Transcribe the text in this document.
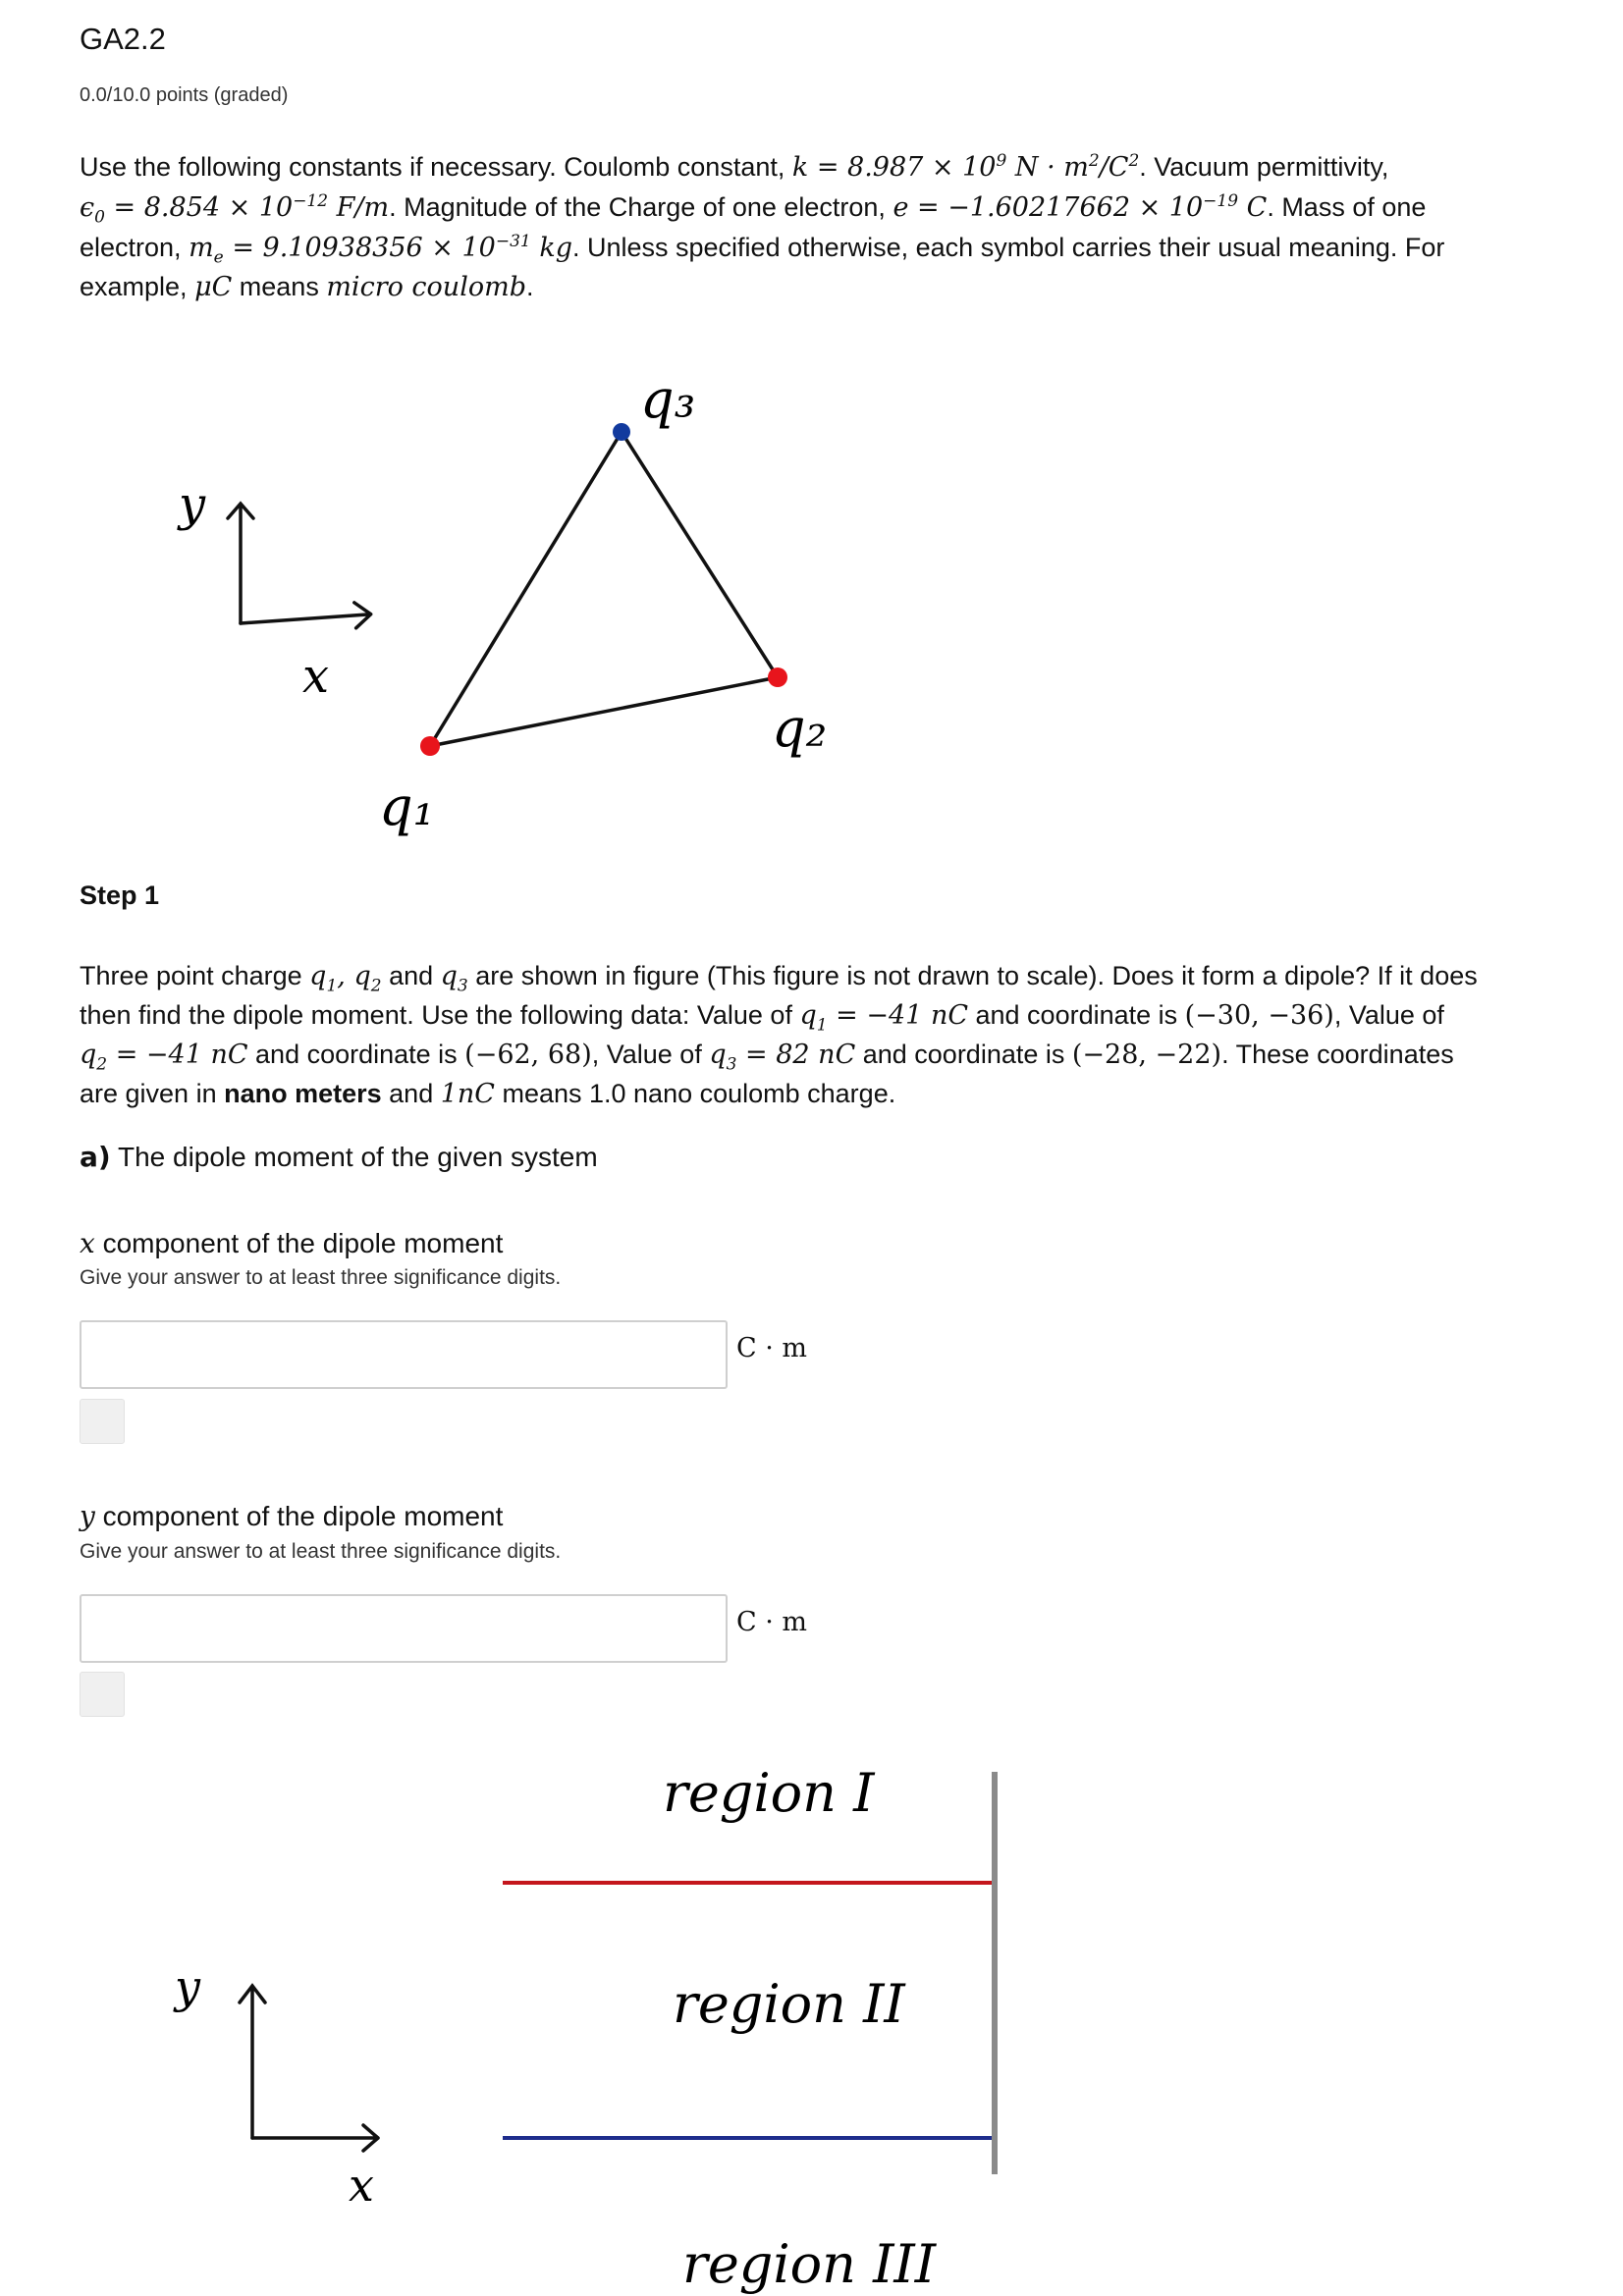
GA2.2
0.0/10.0 points (graded)
Use the following constants if necessary. Coulomb constant, $k = 8.987 \times 10^9$ $N \cdot m^2/C^2$. Vacuum permittivity,
$\epsilon_0 = 8.854 \times 10^{-12}$ F/m. Magnitude of the Charge of one electron, $e = -1.60217662 \times 10^{-19}$ C. Mass of one
electron, $m_e = 9.10938356 \times 10^{-31}$ kg. Unless specified otherwise, each symbol carries their usual meaning. For
example, μC means micro coulomb.
y
x
q₃
q₂
q₁
Step 1
Three point charge $q_1$, $q_2$ and $q_3$ are shown in figure (This figure is not drawn to scale). Does it form a dipole? If it does
then find the dipole moment. Use the following data: Value of $q_1 = -41$ nC and coordinate is (−30, −36), Value of
$q_2 = -41$ nC and coordinate is (−62, 68), Value of $q_3 = 82$ nC and coordinate is (−28, −22). These coordinates
are given in nano meters and 1nC means 1.0 nano coulomb charge.
a) The dipole moment of the given system
x component of the dipole moment
Give your answer to at least three significance digits.
C · m
y component of the dipole moment
Give your answer to at least three significance digits.
C · m
y
x
region I
region II
region III
